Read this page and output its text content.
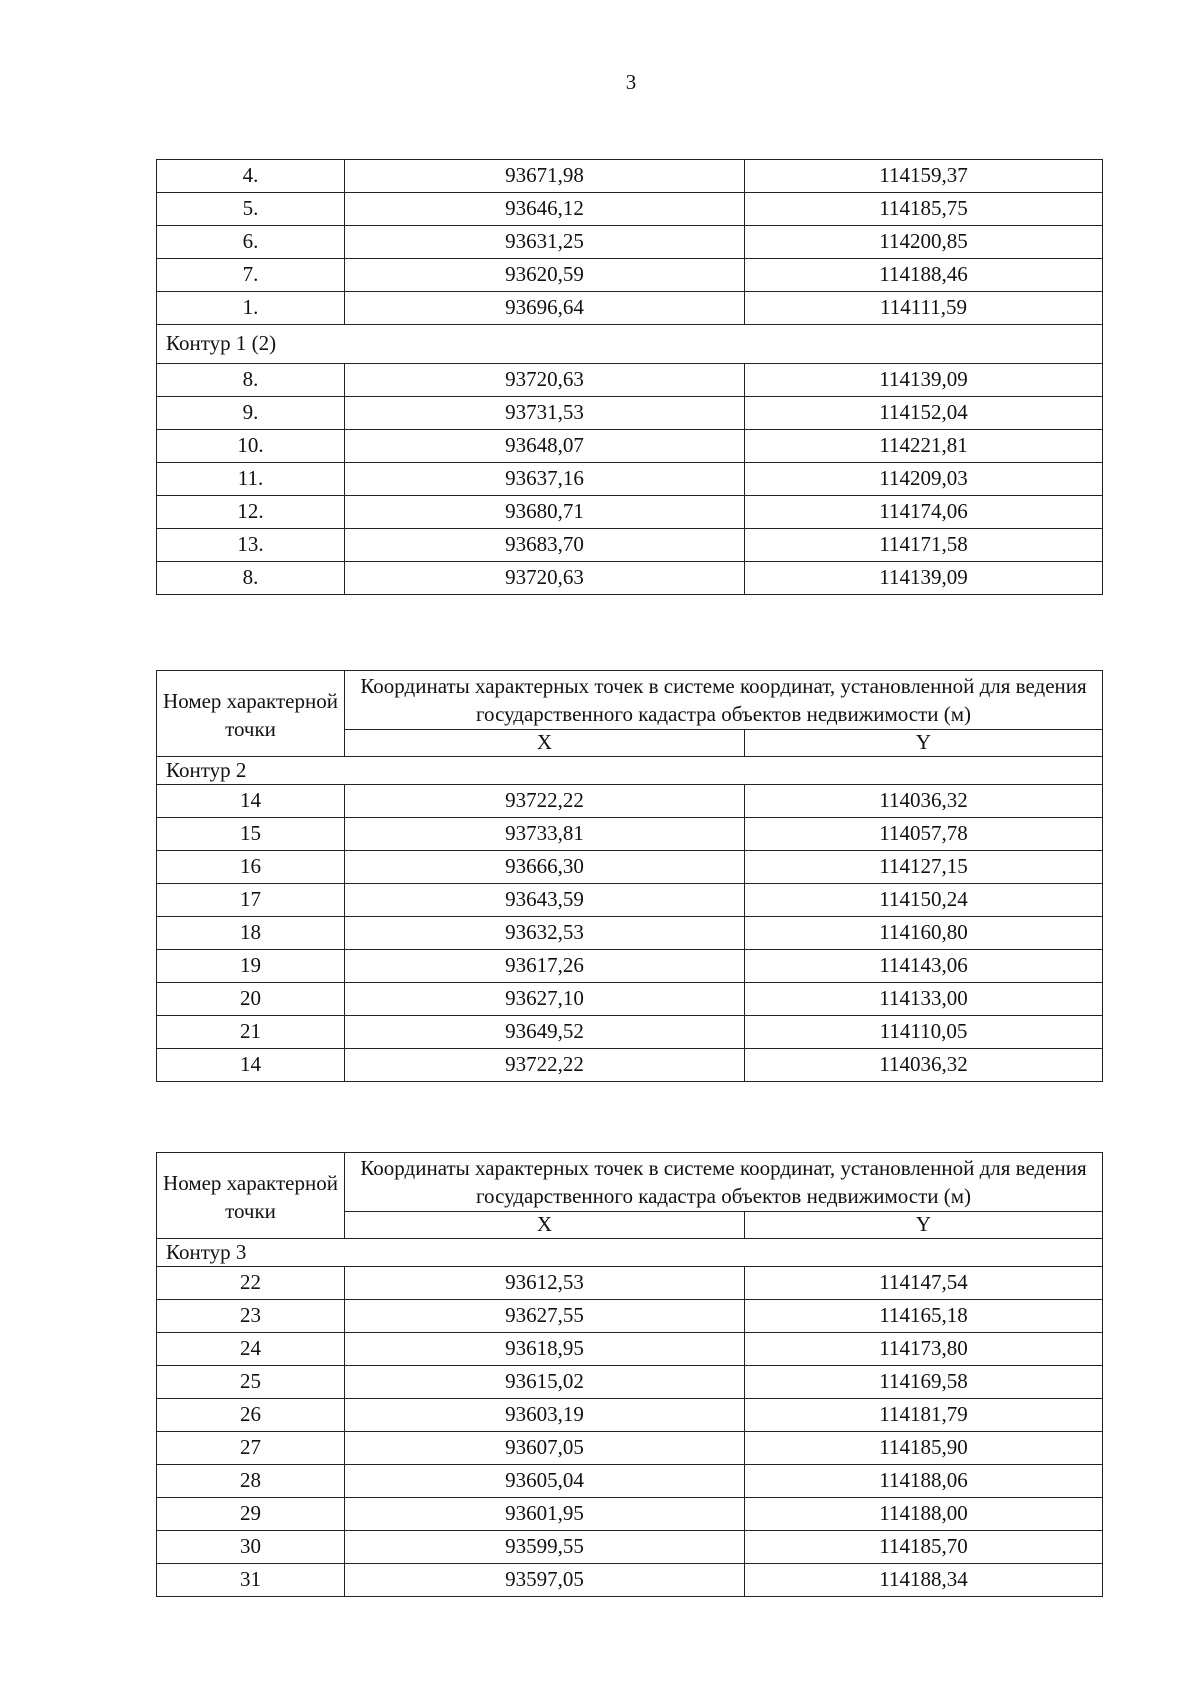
3
4.	93671,98	114159,37
5.	93646,12	114185,75
6.	93631,25	114200,85
7.	93620,59	114188,46
1.	93696,64	114111,59
Контур 1 (2)		
8.	93720,63	114139,09
9.	93731,53	114152,04
10.	93648,07	114221,81
11.	93637,16	114209,03
12.	93680,71	114174,06
13.	93683,70	114171,58
8.	93720,63	114139,09
Номер характерной точки	Координаты характерных точек в системе координат, установленной для ведения государственного кадастра объектов недвижимости (м)	
	X	Y
Контур 2		
14	93722,22	114036,32
15	93733,81	114057,78
16	93666,30	114127,15
17	93643,59	114150,24
18	93632,53	114160,80
19	93617,26	114143,06
20	93627,10	114133,00
21	93649,52	114110,05
14	93722,22	114036,32
Номер характерной точки	Координаты характерных точек в системе координат, установленной для ведения государственного кадастра объектов недвижимости (м)	
	X	Y
Контур 3		
22	93612,53	114147,54
23	93627,55	114165,18
24	93618,95	114173,80
25	93615,02	114169,58
26	93603,19	114181,79
27	93607,05	114185,90
28	93605,04	114188,06
29	93601,95	114188,00
30	93599,55	114185,70
31	93597,05	114188,34
